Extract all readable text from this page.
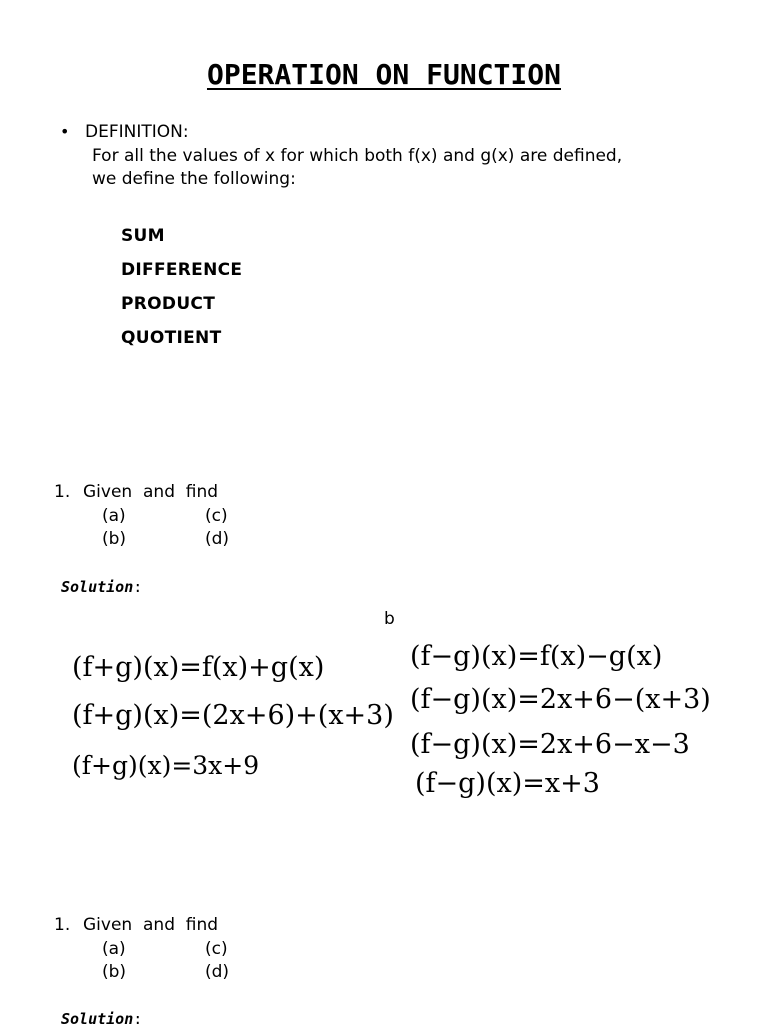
OPERATION ON FUNCTION
• DEFINITION:
For all the values of x for which both f(x) and g(x) are defined,
we define the following:
SUM
DIFFERENCE
PRODUCT
QUOTIENT
1. Given  and  find
(a)	(c)
(b)	(d)
Solution:
b
(f+g)(x)=f(x)+g(x)
(f+g)(x)=(2x+6)+(x+3)
(f+g)(x)=3x+9
(f−g)(x)=f(x)−g(x)
(f−g)(x)=2x+6−(x+3)
(f−g)(x)=2x+6−x−3
(f−g)(x)=x+3
1. Given  and  find
(a)	(c)
(b)	(d)
Solution:
